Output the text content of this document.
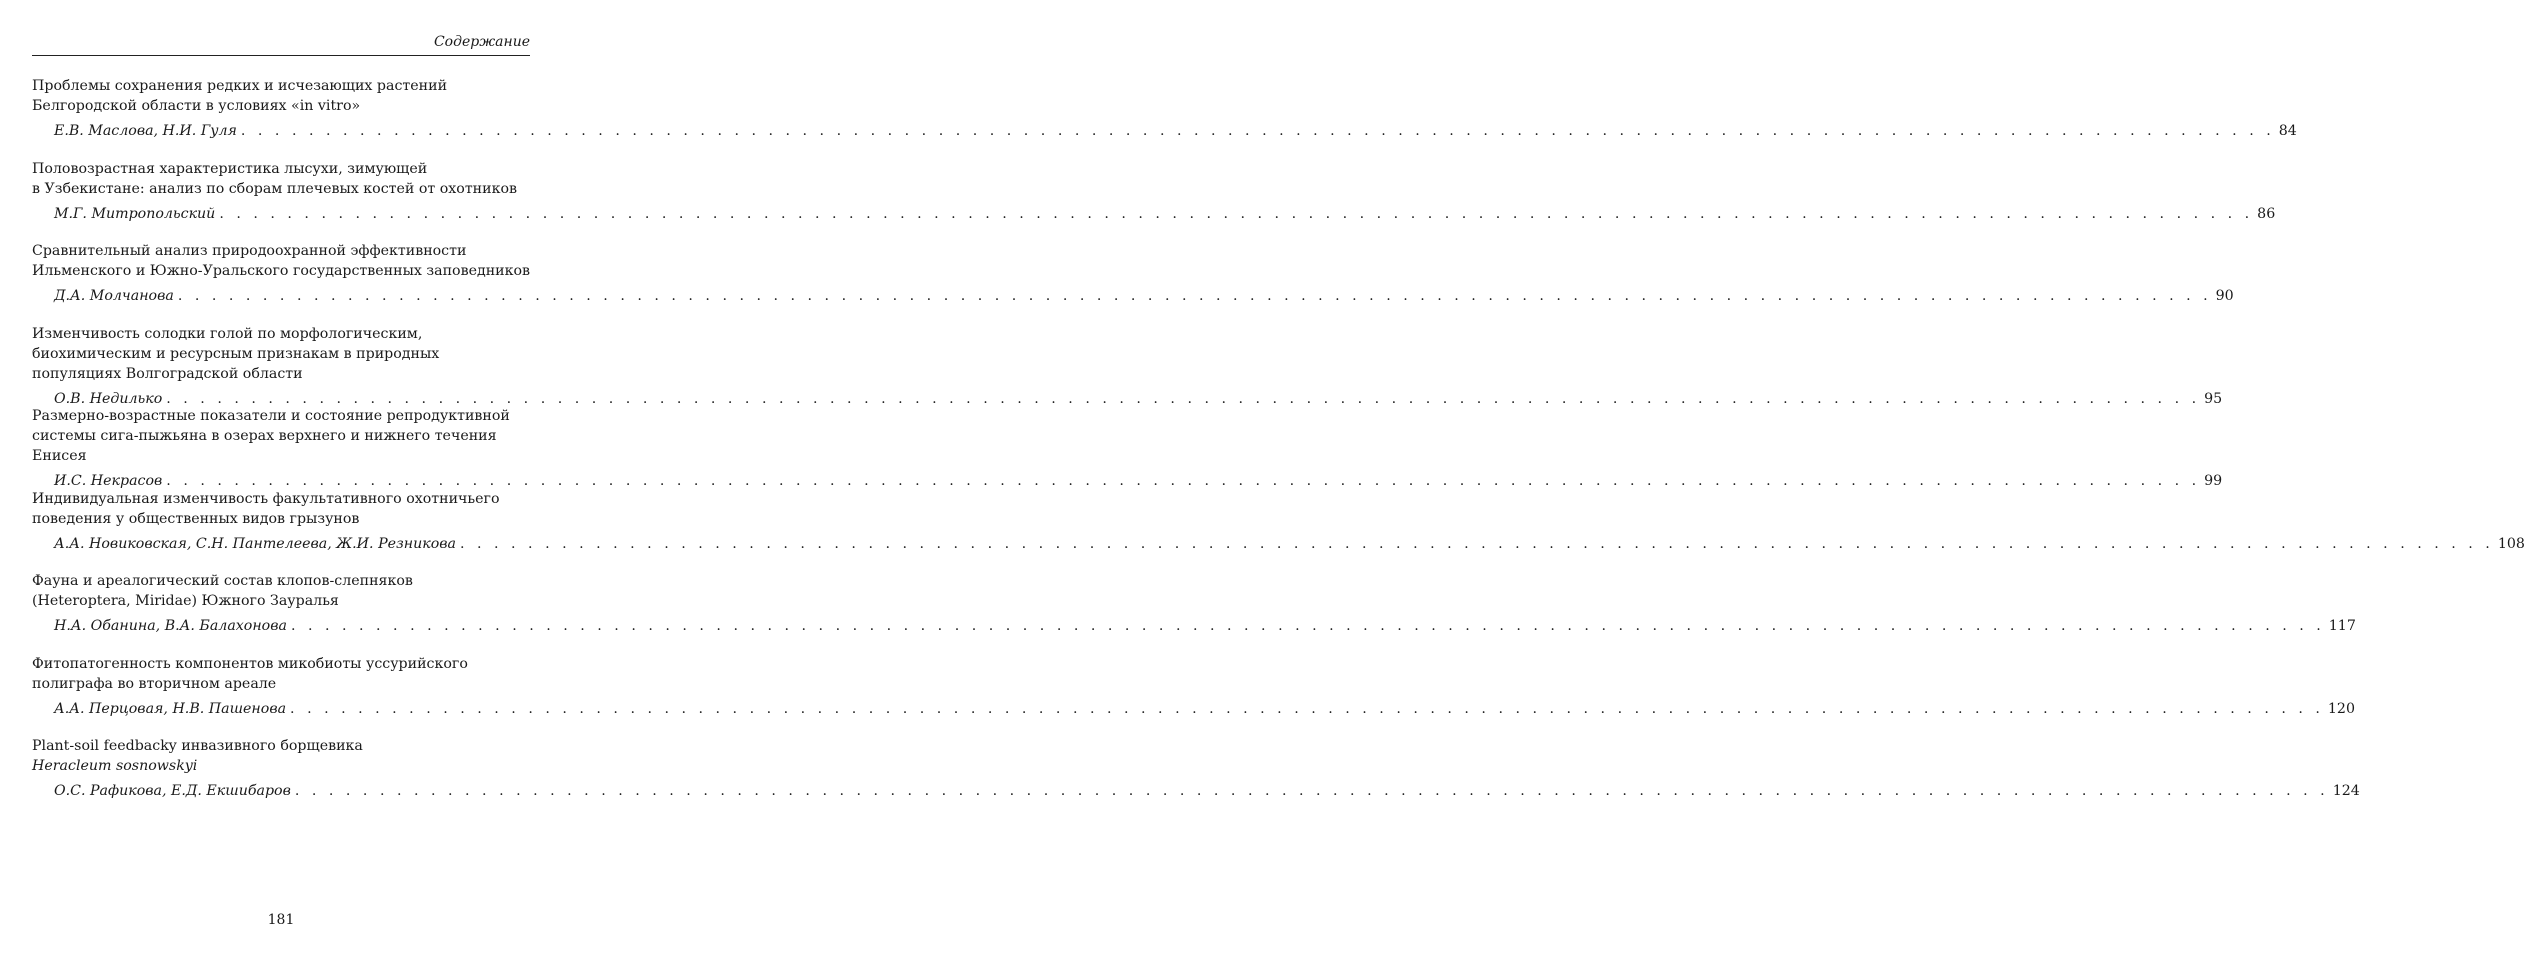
Содержание
Проблемы сохранения редких и исчезающих растений
Белгородской области в условиях «in vitro»
Е.В. Маслова, Н.И. Гуля . . . . . . . . . . . . . . . . . . . . . . . . . . . . . . . . . . . . . . . . . . . . . . . . . . . . . . . . . . . . . . . . . . . . . . . . . . . . . . . . . . . . . . . . . . . . . . . . . . . . . . . . . . . . . . . . . . . . . . . . 84
Половозрастная характеристика лысухи, зимующей
в Узбекистане: анализ по сборам плечевых костей от охотников
М.Г. Митропольский . . . . . . . . . . . . . . . . . . . . . . . . . . . . . . . . . . . . . . . . . . . . . . . . . . . . . . . . . . . . . . . . . . . . . . . . . . . . . . . . . . . . . . . . . . . . . . . . . . . . . . . . . . . . . . . . . . . . . . . . 86
Сравнительный анализ природоохранной эффективности
Ильменского и Южно-Уральского государственных заповедников
Д.А. Молчанова . . . . . . . . . . . . . . . . . . . . . . . . . . . . . . . . . . . . . . . . . . . . . . . . . . . . . . . . . . . . . . . . . . . . . . . . . . . . . . . . . . . . . . . . . . . . . . . . . . . . . . . . . . . . . . . . . . . . . . . . 90
Изменчивость солодки голой по морфологическим,
биохимическим и ресурсным признакам в природных
популяциях Волгоградской области
О.В. Недилько . . . . . . . . . . . . . . . . . . . . . . . . . . . . . . . . . . . . . . . . . . . . . . . . . . . . . . . . . . . . . . . . . . . . . . . . . . . . . . . . . . . . . . . . . . . . . . . . . . . . . . . . . . . . . . . . . . . . . . . . 95
Размерно-возрастные показатели и состояние репродуктивной
системы сига-пыжьяна в озерах верхнего и нижнего течения Енисея
И.С. Некрасов . . . . . . . . . . . . . . . . . . . . . . . . . . . . . . . . . . . . . . . . . . . . . . . . . . . . . . . . . . . . . . . . . . . . . . . . . . . . . . . . . . . . . . . . . . . . . . . . . . . . . . . . . . . . . . . . . . . . . . . . 99
Индивидуальная изменчивость факультативного охотничьего
поведения у общественных видов грызунов
А.А. Новиковская, С.Н. Пантелеева, Ж.И. Резникова . . . . . . . . . . . . . . . . . . . . . . . . . . . . . . . . . . . . . . . . . . . . . . . . . . . . . . . . . . . . . . . . . . . . . . . . . . . . . . . . . . . . . . . . . . . . . . . . . . . . . . . . . . . . . . . . . . . . . . . . 108
Фауна и ареалогический состав клопов-слепняков
(Heteroptera, Miridae) Южного Зауралья
Н.А. Обанина, В.А. Балахонова . . . . . . . . . . . . . . . . . . . . . . . . . . . . . . . . . . . . . . . . . . . . . . . . . . . . . . . . . . . . . . . . . . . . . . . . . . . . . . . . . . . . . . . . . . . . . . . . . . . . . . . . . . . . . . . . . . . . . . . . 117
Фитопатогенность компонентов микобиоты уссурийского
полиграфа во вторичном ареале
А.А. Перцовая, Н.В. Пашенова . . . . . . . . . . . . . . . . . . . . . . . . . . . . . . . . . . . . . . . . . . . . . . . . . . . . . . . . . . . . . . . . . . . . . . . . . . . . . . . . . . . . . . . . . . . . . . . . . . . . . . . . . . . . . . . . . . . . . . . . 120
Plant-soil feedbacky инвазивного борщевика
Heracleum sosnowskyi
О.С. Рафикова, Е.Д. Екшибаров . . . . . . . . . . . . . . . . . . . . . . . . . . . . . . . . . . . . . . . . . . . . . . . . . . . . . . . . . . . . . . . . . . . . . . . . . . . . . . . . . . . . . . . . . . . . . . . . . . . . . . . . . . . . . . . . . . . . . . . . 124
181
